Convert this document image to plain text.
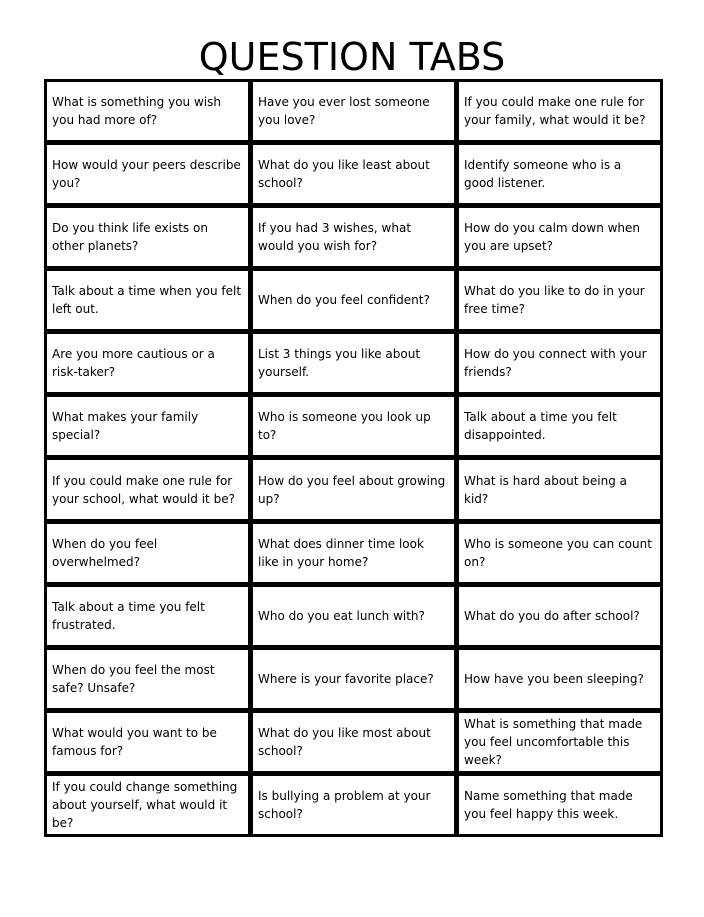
QUESTION TABS
What is something you wish you had more of?
Have you ever lost someone you love?
If you could make one rule for your family, what would it be?
How would your peers describe you?
What do you like least about school?
Identify someone who is a good listener.
Do you think life exists on other planets?
If you had 3 wishes, what would you wish for?
How do you calm down when you are upset?
Talk about a time when you felt left out.
When do you feel confident?
What do you like to do in your free time?
Are you more cautious or a risk-taker?
List 3 things you like about yourself.
How do you connect with your friends?
What makes your family special?
Who is someone you look up to?
Talk about a time you felt disappointed.
If you could make one rule for your school, what would it be?
How do you feel about growing up?
What is hard about being a kid?
When do you feel overwhelmed?
What does dinner time look like in your home?
Who is someone you can count on?
Talk about a time you felt frustrated.
Who do you eat lunch with?	What do you do after school?
When do you feel the most safe? Unsafe?
Where is your favorite place?	How have you been sleeping?
What would you want to be famous for?
What do you like most about school?
What is something that made you feel uncomfortable this week?
If you could change something about yourself, what would it be?
Is bullying a problem at your school?
Name something that made you feel happy this week.
